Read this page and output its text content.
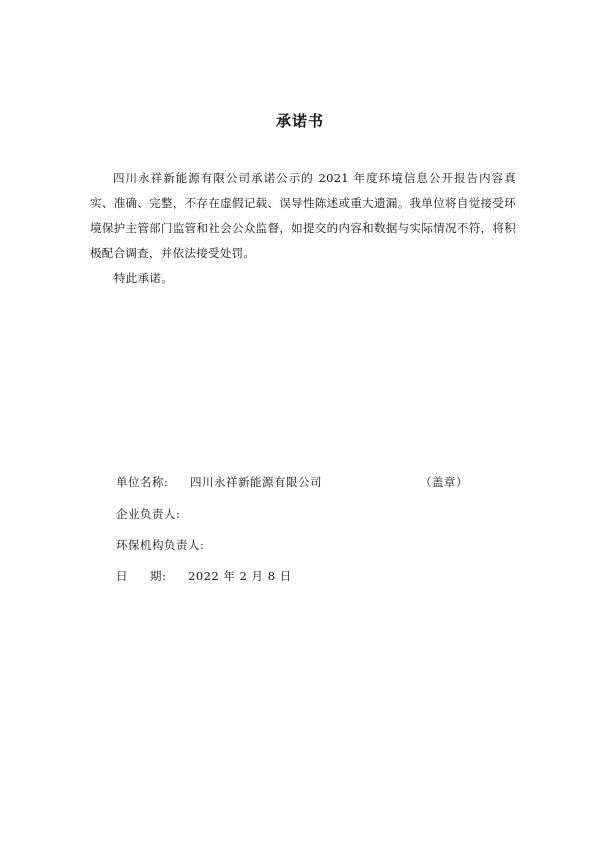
承诺书
四川永祥新能源有限公司承诺公示的 2021 年度环境信息公开报告内容真实、准确、完整，不存在虚假记载、误导性陈述或重大遗漏。我单位将自觉接受环境保护主管部门监管和社会公众监督，如提交的内容和数据与实际情况不符，将积极配合调查，并依法接受处罚。
特此承诺。
单位名称: 四川永祥新能源有限公司	（盖章）
企业负责人:
环保机构负责人:
日 期: 2022 年 2 月 8 日
